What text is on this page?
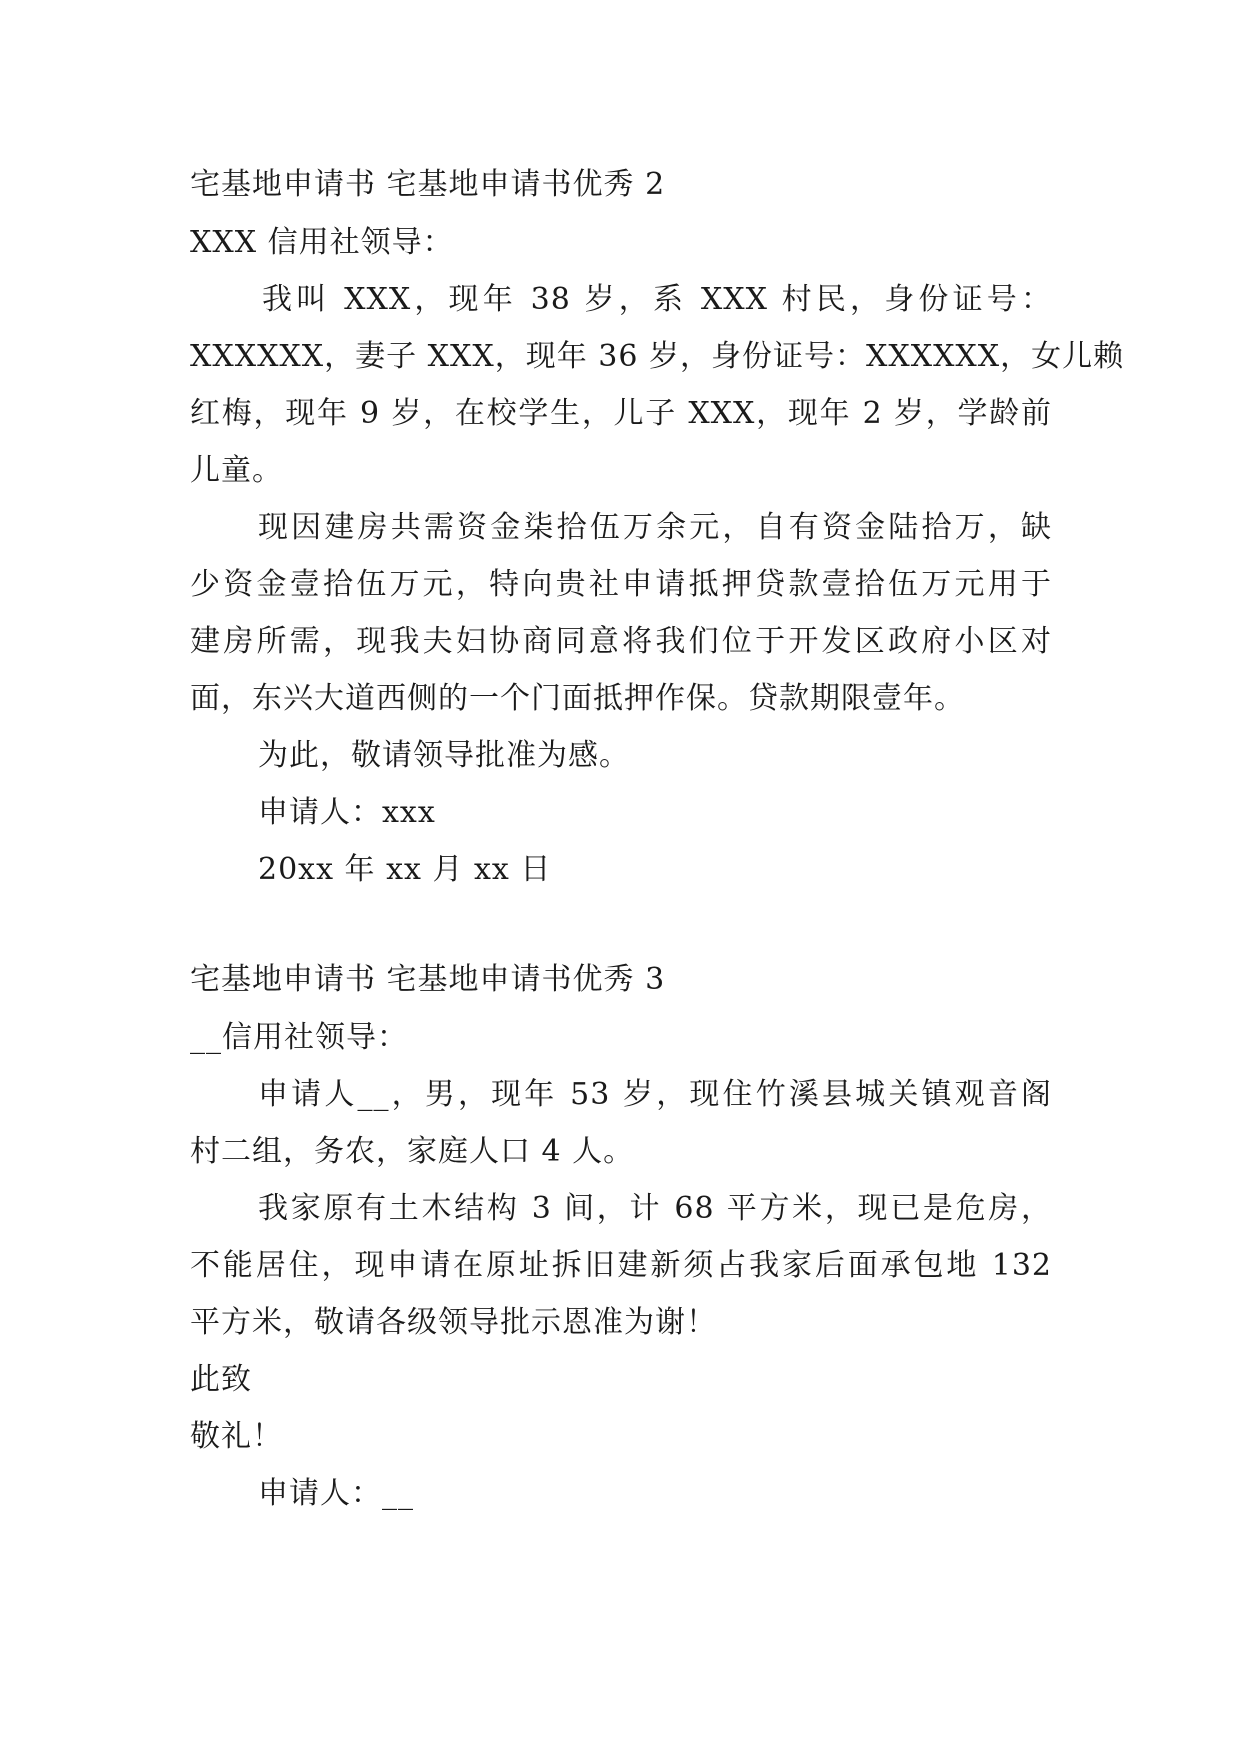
宅基地申请书 宅基地申请书优秀 2
XXX 信用社领导：
我叫 XXX，现年 38 岁，系 XXX 村民，身份证号：
XXXXXX，妻子 XXX，现年 36 岁，身份证号：XXXXXX，女儿赖
红梅，现年 9 岁，在校学生，儿子 XXX，现年 2 岁，学龄前
儿童。
现因建房共需资金柒拾伍万余元，自有资金陆拾万，缺
少资金壹拾伍万元，特向贵社申请抵押贷款壹拾伍万元用于
建房所需，现我夫妇协商同意将我们位于开发区政府小区对
面，东兴大道西侧的一个门面抵押作保。贷款期限壹年。
为此，敬请领导批准为感。
申请人：xxx
20xx 年 xx 月 xx 日
宅基地申请书 宅基地申请书优秀 3
__信用社领导：
申请人__，男，现年 53 岁，现住竹溪县城关镇观音阁
村二组，务农，家庭人口 4 人。
我家原有土木结构 3 间，计 68 平方米，现已是危房，
不能居住，现申请在原址拆旧建新须占我家后面承包地 132
平方米，敬请各级领导批示恩准为谢！
此致
敬礼！
申请人：__
